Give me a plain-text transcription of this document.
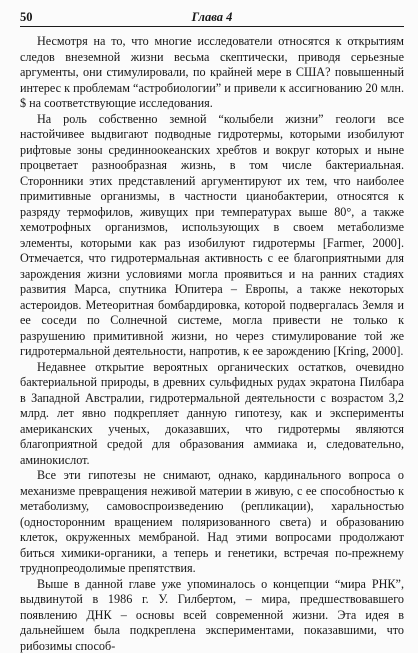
50	Глава 4

Несмотря на то, что многие исследователи относятся к открытиям следов внеземной жизни весьма скептически, приводя серьезные аргументы, они стимулировали, по крайней мере в США? повышенный интерес к проблемам “астробиологии” и привели к ассигнованию 20 млн. $ на соответствующие исследования.

На роль собственно земной “колыбели жизни” геологи все настойчивее выдвигают подводные гидротермы, которыми изобилуют рифтовые зоны срединноокеанских хребтов и вокруг которых и ныне процветает разнообразная жизнь, в том числе бактериальная. Сторонники этих представлений аргументируют их тем, что наиболее примитивные организмы, в частности цианобактерии, относятся к разряду термофилов, живущих при температурах выше 80°, а также хемотрофных организмов, использующих в своем метаболизме элементы, которыми как раз изобилуют гидротермы [Farmer, 2000]. Отмечается, что гидротермальная активность с ее благоприятными для зарождения жизни условиями могла проявиться и на ранних стадиях развития Марса, спутника Юпитера – Европы, а также некоторых астероидов. Метеоритная бомбардировка, которой подвергалась Земля и ее соседи по Солнечной системе, могла привести не только к разрушению примитивной жизни, но через стимулирование той же гидротермальной деятельности, напротив, к ее зарождению [Kring, 2000].

Недавнее открытие вероятных органических остатков, очевидно бактериальной природы, в древних сульфидных рудах экратона Пилбара в Западной Австралии, гидротермальной деятельности с возрастом 3,2 млрд. лет явно подкрепляет данную гипотезу, как и эксперименты американских ученых, доказавших, что гидротермы являются благоприятной средой для образования аммиака и, следовательно, аминокислот.

Все эти гипотезы не снимают, однако, кардинального вопроса о механизме превращения неживой материи в живую, с ее способностью к метаболизму, самовоспроизведению (репликации), харальностью (односторонним вращением поляризованного света) и образованию клеток, окруженных мембраной. Над этими вопросами продолжают биться химики-органики, а теперь и генетики, встречая по-прежнему труднопреодолимые препятствия.

Выше в данной главе уже упоминалось о концепции “мира РНК”, выдвинутой в 1986 г. У. Гилбертом, – мира, предшествовавшего появлению ДНК – основы всей современной жизни. Эта идея в дальнейшем была подкреплена экспериментами, показавшими, что рибозимы способ-
